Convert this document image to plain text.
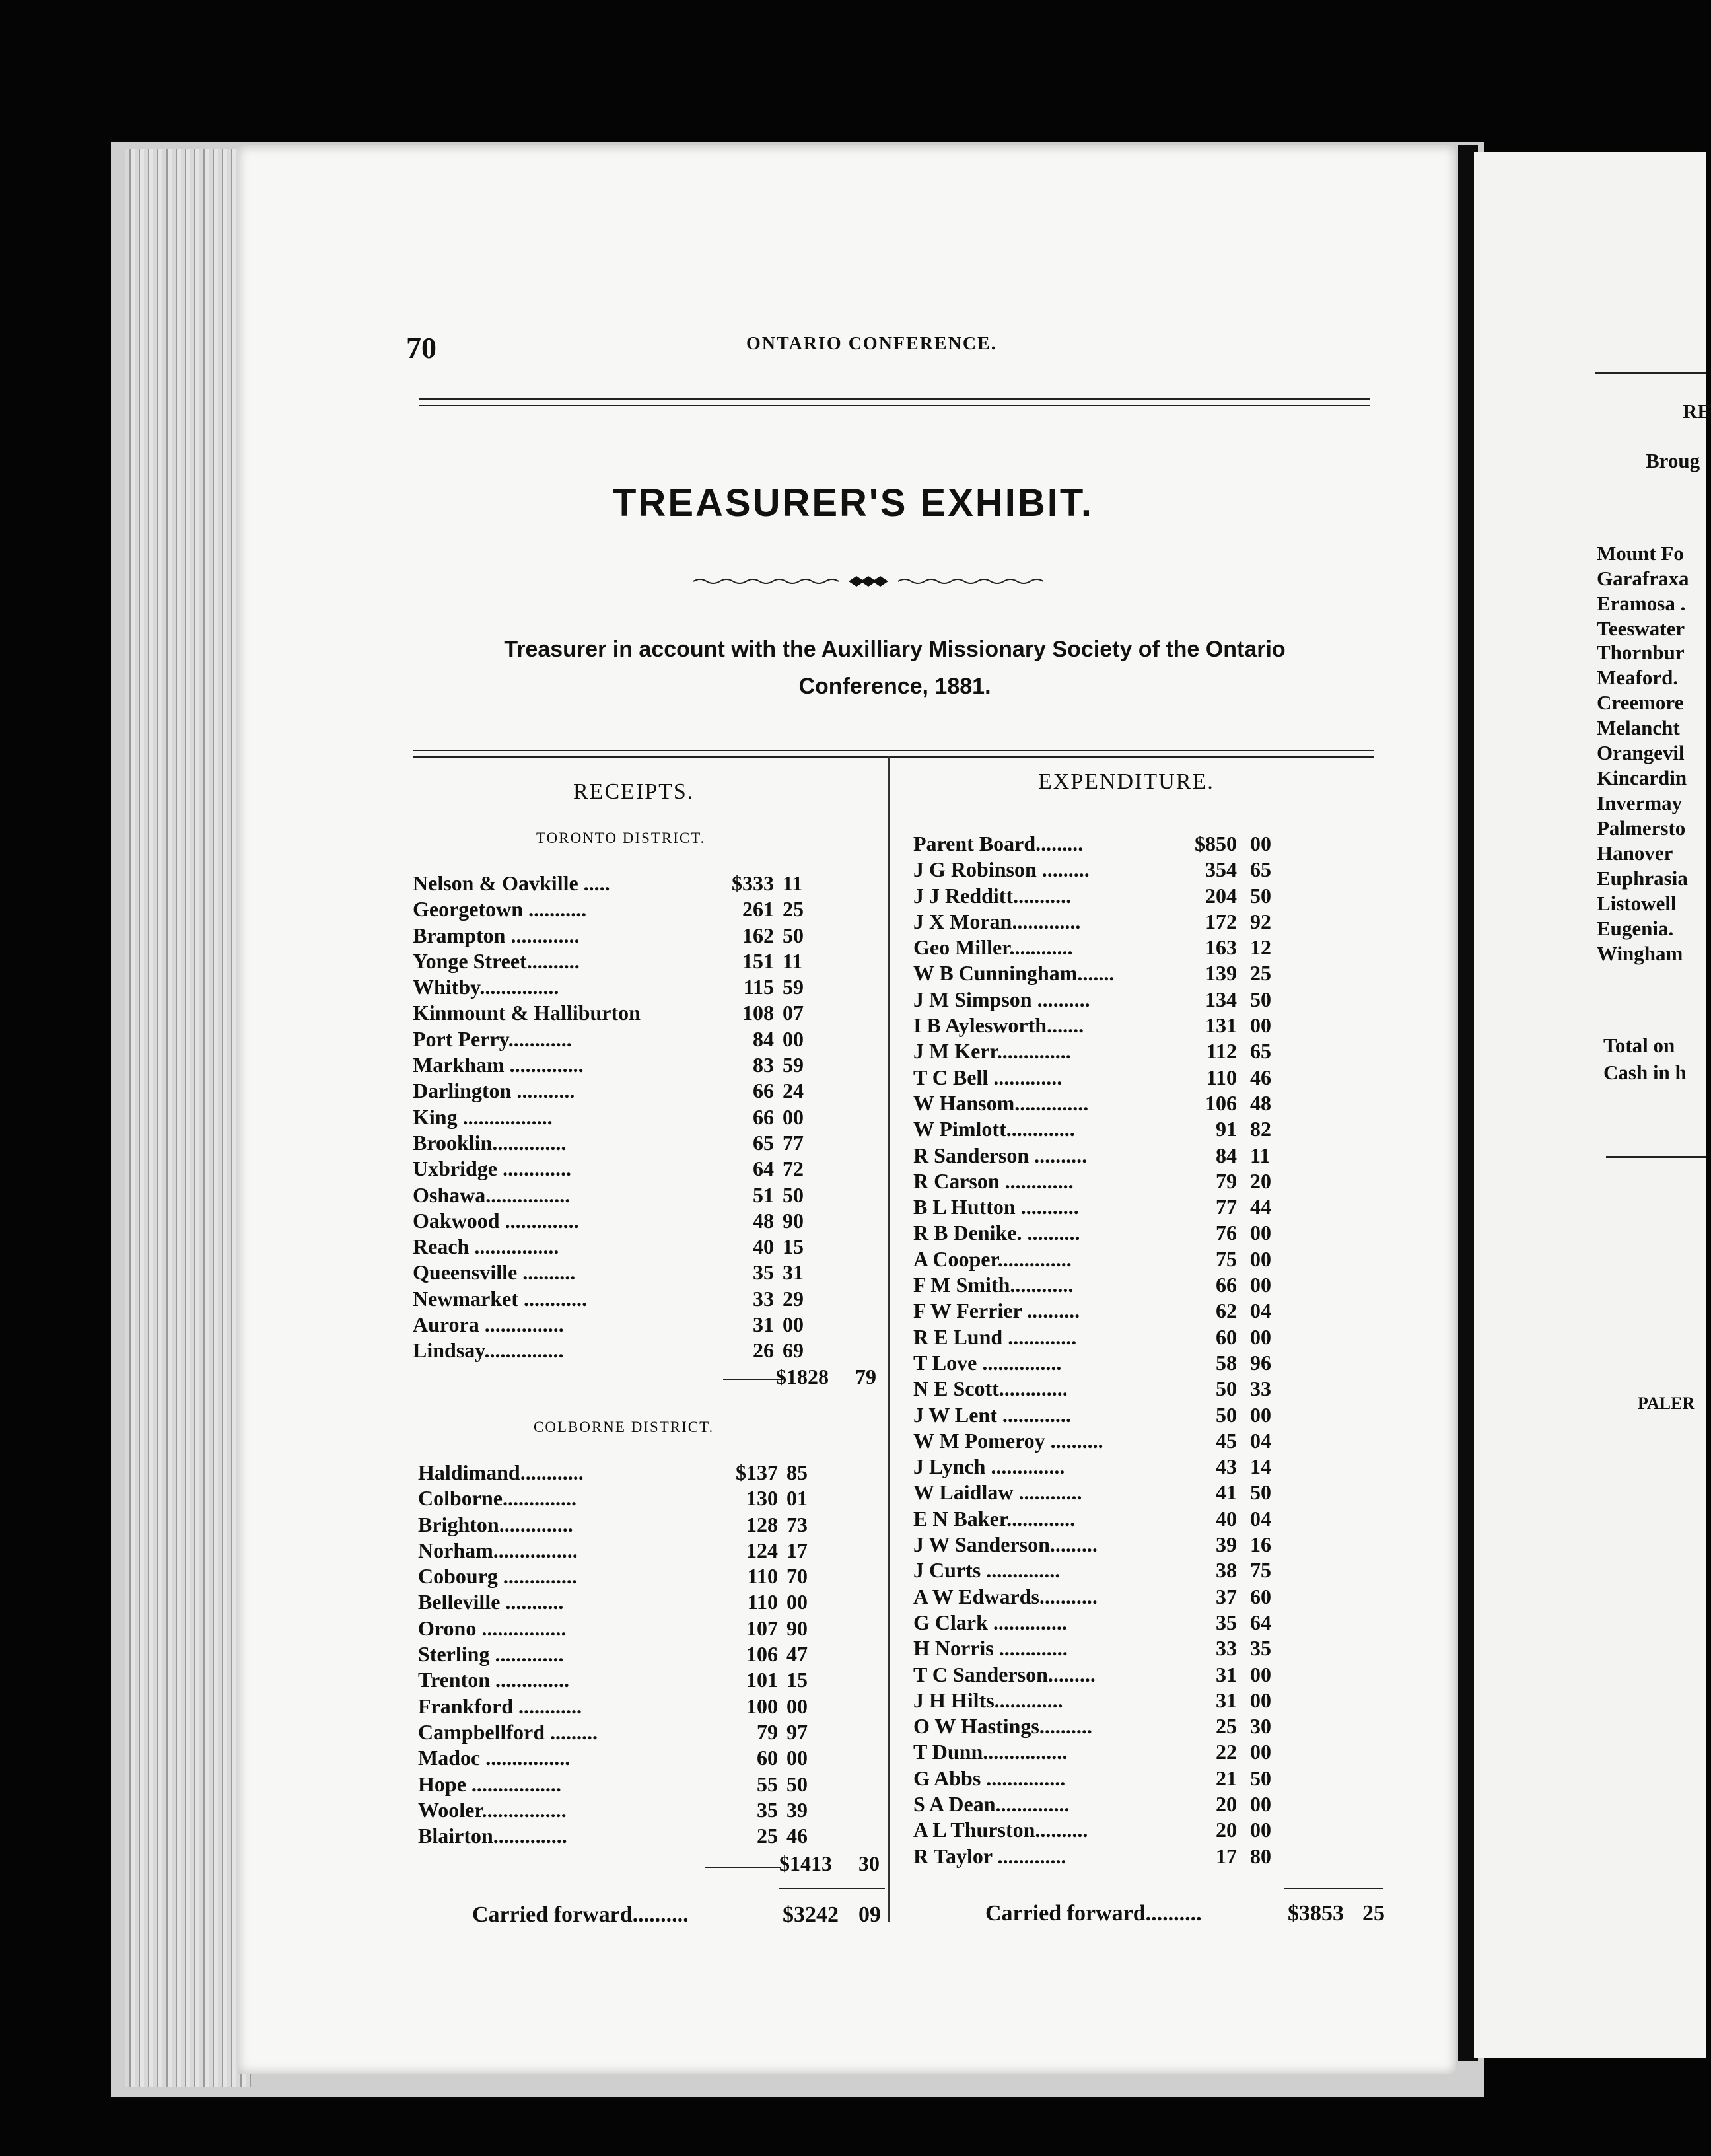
70	ONTARIO CONFERENCE.
TREASURER'S EXHIBIT.
Treasurer in account with the Auxilliary Missionary Society of the Ontario
Conference, 1881.
RECEIPTS.
TORONTO DISTRICT.
Nelson & Oavkille .....	$333 11
Georgetown ...........	261 25
Brampton .............	162 50
Yonge Street..........	151 11
Whitby...............	115 59
Kinmount & Halliburton	108 07
Port Perry............	84 00
Markham ..............	83 59
Darlington ...........	66 24
King .................	66 00
Brooklin..............	65 77
Uxbridge .............	64 72
Oshawa................	51 50
Oakwood ..............	48 90
Reach ................	40 15
Queensville ..........	35 31
Newmarket ............	33 29
Aurora ...............	31 00
Lindsay...............	26 69
$1828 79
COLBORNE DISTRICT.
Haldimand............	$137 85
Colborne..............	130 01
Brighton..............	128 73
Norham................	124 17
Cobourg ..............	110 70
Belleville ...........	110 00
Orono ................	107 90
Sterling .............	106 47
Trenton ..............	101 15
Frankford ............	100 00
Campbellford .........	79 97
Madoc ................	60 00
Hope .................	55 50
Wooler................	35 39
Blairton..............	25 46
$1413 30
Carried forward..........	$3242 09
EXPENDITURE.
Parent Board.........	$850 00
J G Robinson .........	354 65
J J Redditt...........	204 50
J X Moran.............	172 92
Geo Miller............	163 12
W B Cunningham.......	139 25
J M Simpson ..........	134 50
I B Aylesworth.......	131 00
J M Kerr..............	112 65
T C Bell .............	110 46
W Hansom..............	106 48
W Pimlott.............	91 82
R Sanderson ..........	84 11
R Carson .............	79 20
B L Hutton ...........	77 44
R B Denike. ..........	76 00
A Cooper..............	75 00
F M Smith............	66 00
F W Ferrier ..........	62 04
R E Lund .............	60 00
T Love ...............	58 96
N E Scott.............	50 33
J W Lent .............	50 00
W M Pomeroy ..........	45 04
J Lynch ..............	43 14
W Laidlaw ............	41 50
E N Baker.............	40 04
J W Sanderson.........	39 16
J Curts ..............	38 75
A W Edwards...........	37 60
G Clark ..............	35 64
H Norris .............	33 35
T C Sanderson.........	31 00
J H Hilts.............	31 00
O W Hastings..........	25 30
T Dunn................	22 00
G Abbs ...............	21 50
S A Dean..............	20 00
A L Thurston..........	20 00
R Taylor .............	17 80
Carried forward..........	$3853 25
RE
Broug
Mount Fo
Garafraxa
Eramosa .
Teeswater
Thornbur
Meaford.
Creemore
Melancht
Orangevil
Kincardin
Invermay
Palmersto
Hanover
Euphrasia
Listowell
Eugenia.
Wingham
Total on
Cash in h
PALER
